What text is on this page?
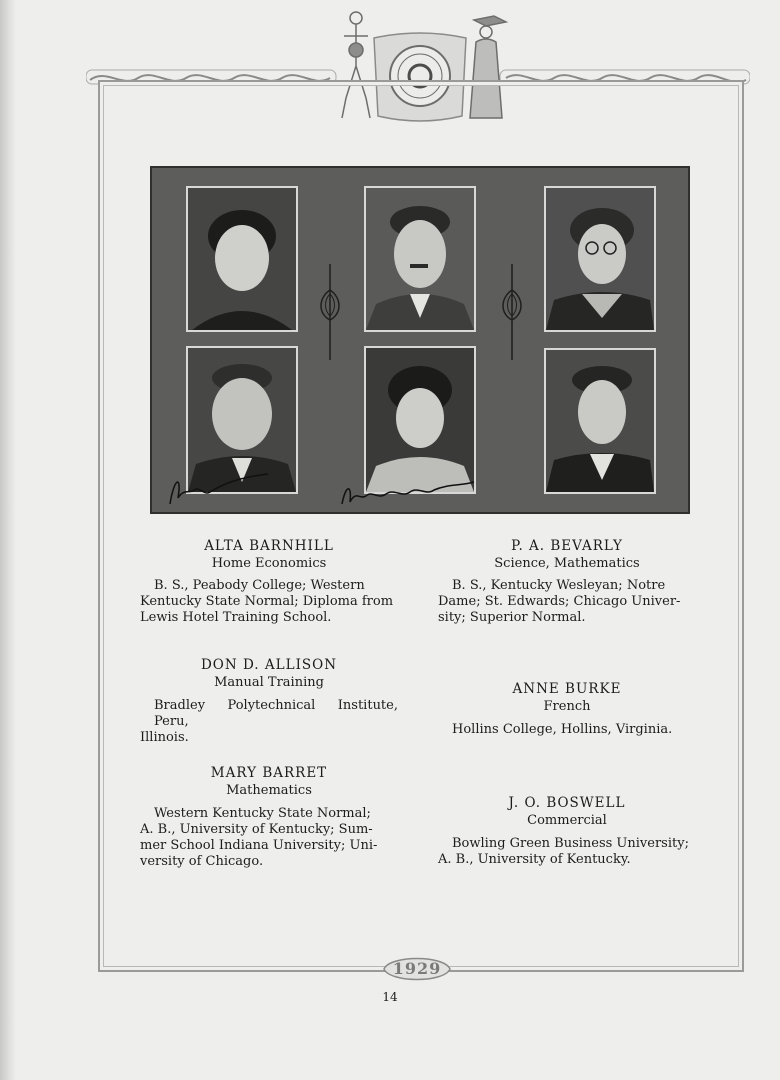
ALTA BARNHILL
Home Economics
B. S., Peabody College; Western
Kentucky State Normal; Diploma from
Lewis Hotel Training School.
DON D. ALLISON
Manual Training
Bradley Polytechnical Institute, Peru,
Illinois.
MARY BARRET
Mathematics
Western Kentucky State Normal;
A. B., University of Kentucky; Sum-
mer School Indiana University; Uni-
versity of Chicago.
P. A. BEVARLY
Science, Mathematics
B. S., Kentucky Wesleyan; Notre
Dame; St. Edwards; Chicago Univer-
sity; Superior Normal.
ANNE BURKE
French
Hollins College, Hollins, Virginia.
J. O. BOSWELL
Commercial
Bowling Green Business University;
A. B., University of Kentucky.
1929
14
